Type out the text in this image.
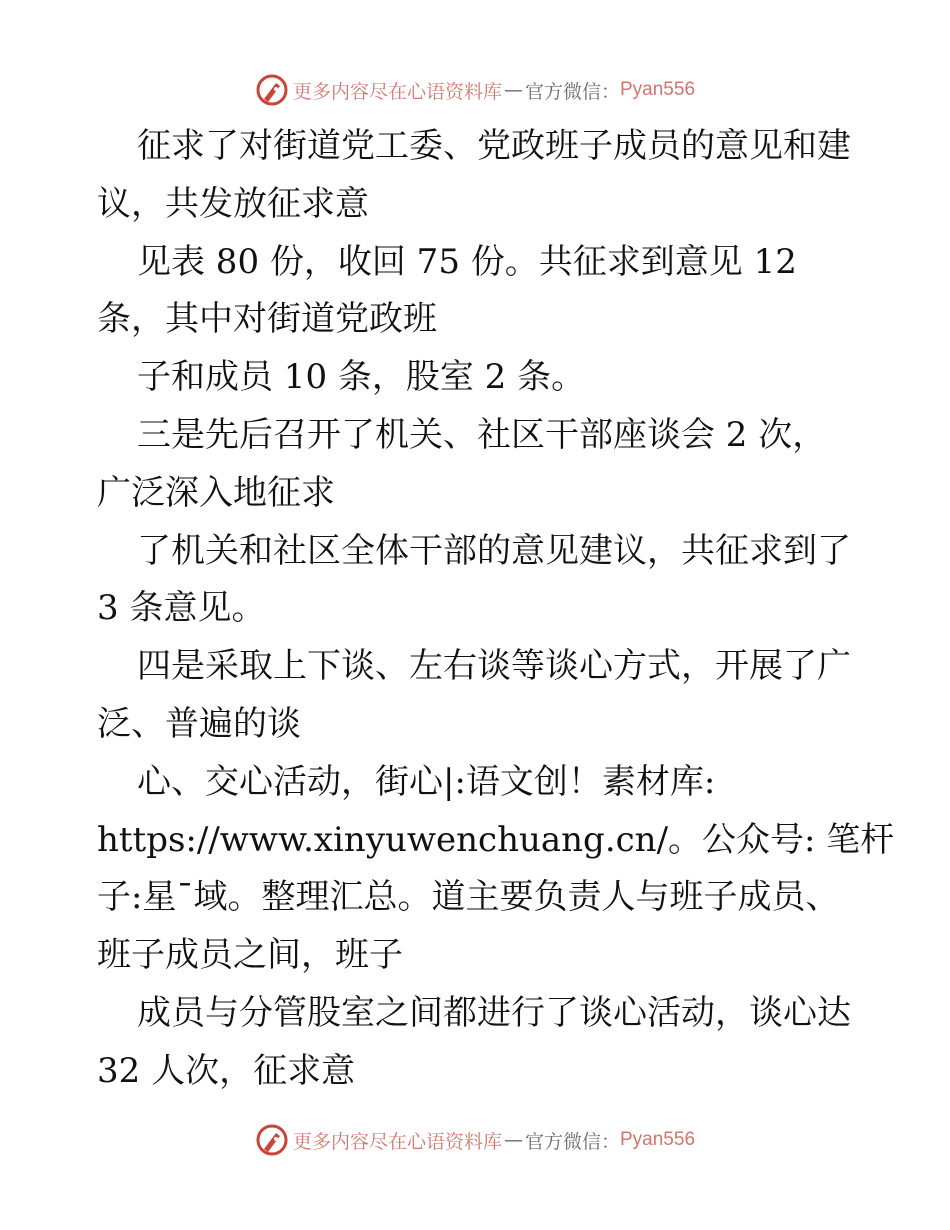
更多内容尽在心语资料库 — 官方微信： Pyan556
征求了对街道党工委、党政班子成员的意见和建
议，共发放征求意
见表 80 份，收回 75 份。共征求到意见 12
条，其中对街道党政班
子和成员 10 条，股室 2 条。
三是先后召开了机关、社区干部座谈会 2 次，
广泛深入地征求
了机关和社区全体干部的意见建议，共征求到了
3 条意见。
四是采取上下谈、左右谈等谈心方式，开展了广
泛、普遍的谈
心、交心活动，街心|:语文创！素材库:
https://www.xinyuwenchuang.cn/。公众号: 笔杆
子:星¯域。整理汇总。道主要负责人与班子成员、
班子成员之间，班子
成员与分管股室之间都进行了谈心活动，谈心达
32 人次，征求意
更多内容尽在心语资料库 — 官方微信： Pyan556
